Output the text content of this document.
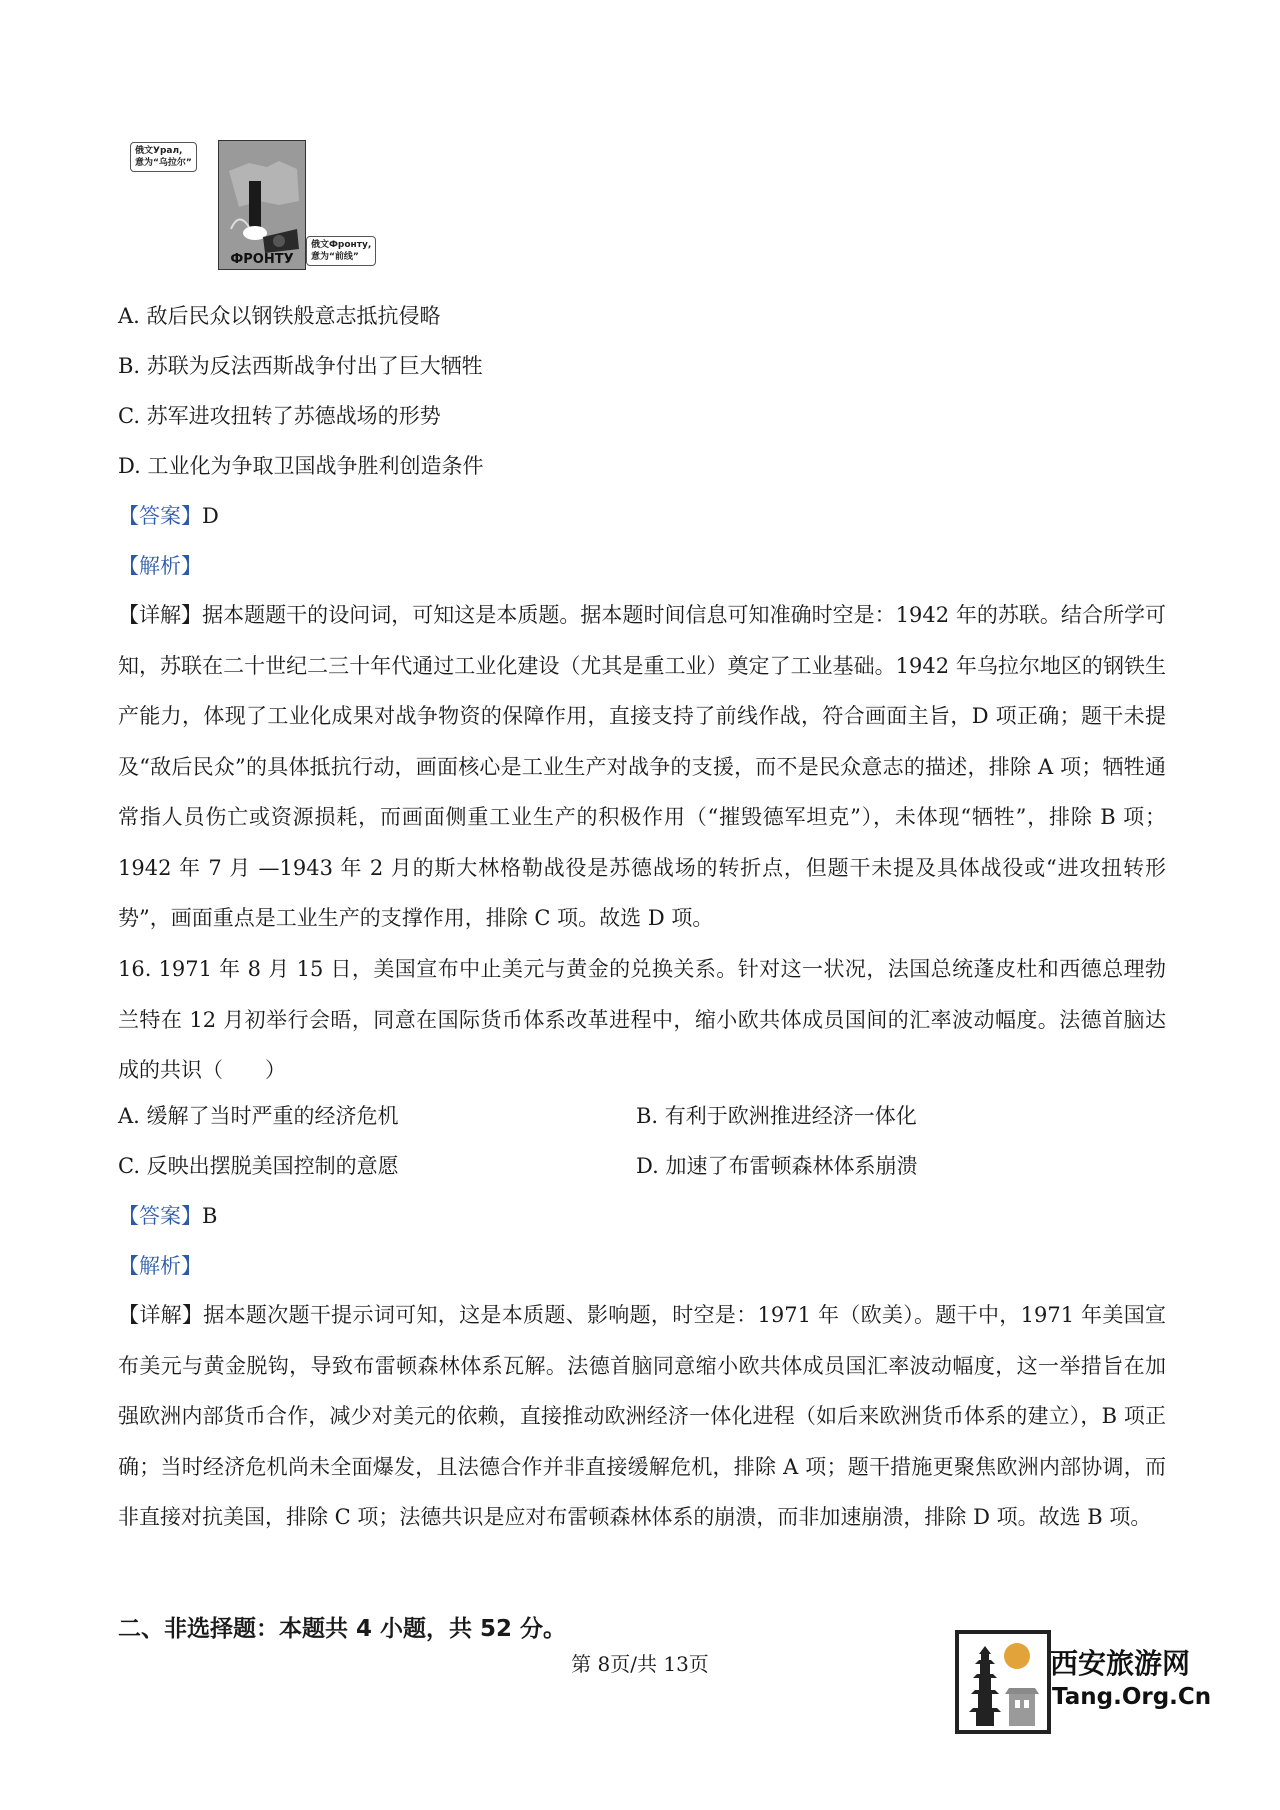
俄文Урал,
意为“乌拉尔”
ФРОНТУ
俄文Фронту,
意为“前线”
A. 敌后民众以钢铁般意志抵抗侵略
B. 苏联为反法西斯战争付出了巨大牺牲
C. 苏军进攻扭转了苏德战场的形势
D. 工业化为争取卫国战争胜利创造条件
【答案】D
【解析】
【详解】据本题题干的设问词，可知这是本质题。据本题时间信息可知准确时空是：1942 年的苏联。结合所学可知，苏联在二十世纪二三十年代通过工业化建设（尤其是重工业）奠定了工业基础。1942 年乌拉尔地区的钢铁生产能力，体现了工业化成果对战争物资的保障作用，直接支持了前线作战，符合画面主旨，D 项正确；题干未提及“敌后民众”的具体抵抗行动，画面核心是工业生产对战争的支援，而不是民众意志的描述，排除 A 项；牺牲通常指人员伤亡或资源损耗，而画面侧重工业生产的积极作用（“摧毁德军坦克”），未体现“牺牲”，排除 B 项；1942 年 7 月 —1943 年 2 月的斯大林格勒战役是苏德战场的转折点，但题干未提及具体战役或“进攻扭转形势”，画面重点是工业生产的支撑作用，排除 C 项。故选 D 项。
16. 1971 年 8 月 15 日，美国宣布中止美元与黄金的兑换关系。针对这一状况，法国总统蓬皮杜和西德总理勃兰特在 12 月初举行会晤，同意在国际货币体系改革进程中，缩小欧共体成员国间的汇率波动幅度。法德首脑达成的共识（　　）
A. 缓解了当时严重的经济危机	B. 有利于欧洲推进经济一体化
C. 反映出摆脱美国控制的意愿	D. 加速了布雷顿森林体系崩溃
【答案】B
【解析】
【详解】据本题次题干提示词可知，这是本质题、影响题，时空是：1971 年（欧美）。题干中，1971 年美国宣布美元与黄金脱钩，导致布雷顿森林体系瓦解。法德首脑同意缩小欧共体成员国汇率波动幅度，这一举措旨在加强欧洲内部货币合作，减少对美元的依赖，直接推动欧洲经济一体化进程（如后来欧洲货币体系的建立），B 项正确；当时经济危机尚未全面爆发，且法德合作并非直接缓解危机，排除 A 项；题干措施更聚焦欧洲内部协调，而非直接对抗美国，排除 C 项；法德共识是应对布雷顿森林体系的崩溃，而非加速崩溃，排除 D 项。故选 B 项。
二、非选择题：本题共 4 小题，共 52 分。
第 8页/共 13页	西安旅游网
Tang.Org.Cn
